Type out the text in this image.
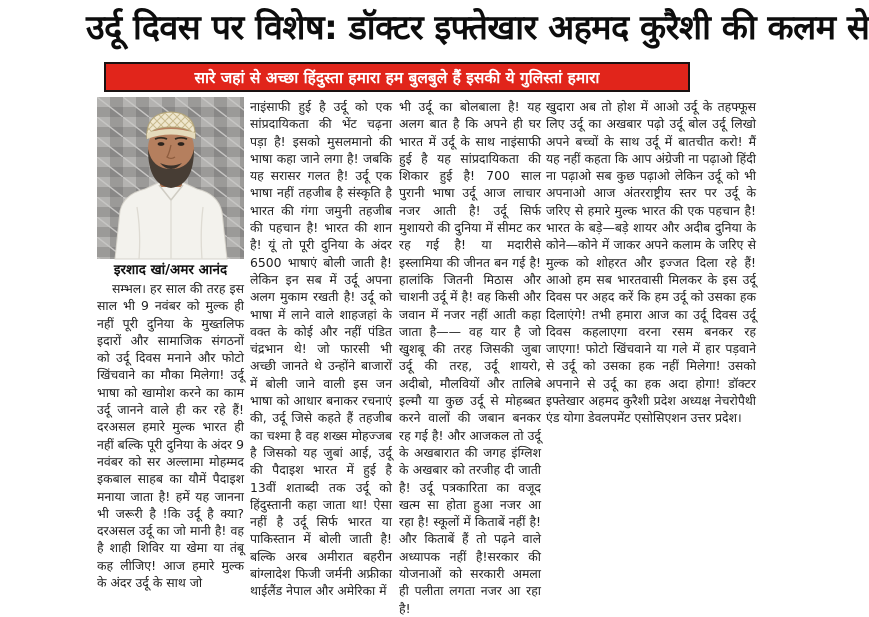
उर्दू दिवस पर विशेष: डॉक्टर इफ्तेखार अहमद कुरैशी की कलम से
सारे जहां से अच्छा हिंदुस्ता हमारा हम बुलबुले हैं इसकी ये गुलिस्तां हमारा
इरशाद खां/अमर आनंद

सम्भल। हर साल की तरह इस साल भी 9 नवंबर को मुल्क ही नहीं पूरी दुनिया के मुख्तलिफ इदारों और सामाजिक संगठनों को उर्दू दिवस मनाने और फोटो खिंचवाने का मौका मिलेगा! उर्दू भाषा को खामोश करने का काम उर्दू जानने वाले ही कर रहे हैं! दरअसल हमारे मुल्क भारत ही नहीं बल्कि पूरी दुनिया के अंदर 9 नवंबर को सर अल्लामा मोहम्मद इकबाल साहब का यौमें पैदाइश मनाया जाता है! हमें यह जानना भी जरूरी है !कि उर्दू है क्या? दरअसल उर्दू का जो मानी है! वह है शाही शिविर या खेमा या तंबू कह लीजिए! आज हमारे मुल्क के अंदर उर्दू के साथ जो

नाइंसाफी हुई है उर्दू को एक सांप्रदायिकता की भेंट चढ़ना पड़ा है! इसको मुसलमानो की भाषा कहा जाने लगा है! जबकि यह सरासर गलत है! उर्दू एक भाषा नहीं तहजीब है संस्कृति है भारत की गंगा जमुनी तहजीब की पहचान है! भारत की शान है! यूं तो पूरी दुनिया के अंदर 6500 भाषाएं बोली जाती है! लेकिन इन सब में उर्दू अपना अलग मुकाम रखती है! उर्दू को भाषा में लाने वाले शाहजहां के वक्त के कोई और नहीं पंडित चंद्रभान थे! जो फारसी भी अच्छी जानते थे उन्होंने बाजारों में बोली जाने वाली इस जन भाषा को आधार बनाकर रचनाएं की, उर्दू जिसे कहते हैं तहजीब का चश्मा है वह शख्स मोहज्जब है जिसको यह जुबां आई, उर्दू की पैदाइश भारत में हुई है 13वीं शताब्दी तक उर्दू को हिंदुस्तानी कहा जाता था! ऐसा नहीं है उर्दू सिर्फ भारत या पाकिस्तान में बोली जाती है! बल्कि अरब अमीरात बहरीन बांग्लादेश फिजी जर्मनी अफ्रीका थाईलैंड नेपाल और अमेरिका में

भी उर्दू का बोलबाला है! यह अलग बात है कि अपने ही घर भारत में उर्दू के साथ नाइंसाफी हुई है यह सांप्रदायिकता की शिकार हुई है! 700 साल पुरानी भाषा उर्दू आज लाचार नजर आती है! उर्दू सिर्फ मुशायरो की दुनिया में सीमट कर रह गई है! या मदारीसे इस्लामिया की जीनत बन गई है! हालांकि जितनी मिठास और चाशनी उर्दू में है! वह किसी और जवान में नजर नहीं आती कहा जाता है—— वह यार है जो खुशबू की तरह जिसकी जुबा उर्दू की तरह, उर्दू शायरो, अदीबो, मौलवियों और तालिबे इल्मौ या कुछ उर्दू से मोहब्बत करने वालों की जबान बनकर रह गई है! और आजकल तो उर्दू के अखबारात की जगह इंग्लिश के अखबार को तरजीह दी जाती है! उर्दू पत्रकारिता का वजूद खत्म सा होता हुआ नजर आ रहा है! स्कूलों में किताबें नहीं है! और किताबें हैं तो पढ़ने वाले अध्यापक नहीं है!सरकार की योजनाओं को सरकारी अमला ही पलीता लगता नजर आ रहा है!

खुदारा अब तो होश में आओ उर्दू के तहफ्फूस लिए उर्दू का अखबार पढ़ो उर्दू बोल उर्दू लिखो अपने बच्चों के साथ उर्दू में बातचीत करो! मैं यह नहीं कहता कि आप अंग्रेजी ना पढ़ाओ हिंदी ना पढ़ाओ सब कुछ पढ़ाओ लेकिन उर्दू को भी अपनाओ आज अंतरराष्ट्रीय स्तर पर उर्दू के जरिए से हमारे मुल्क भारत की एक पहचान है! भारत के बड़े—बड़े शायर और अदीब दुनिया के कोने—कोने में जाकर अपने कलाम के जरिए से मुल्क को शोहरत और इज्जत दिला रहे हैं! आओ हम सब भारतवासी मिलकर के इस उर्दू दिवस पर अहद करें कि हम उर्दू को उसका हक दिलाएंगे! तभी हमारा आज का उर्दू दिवस उर्दू दिवस कहलाएगा वरना रसम बनकर रह जाएगा! फोटो खिंचवाने या गले में हार पड़वाने से उर्दू को उसका हक नहीं मिलेगा! उसको अपनाने से उर्दू का हक अदा होगा! डॉक्टर इफ्तेखार अहमद कुरैशी प्रदेश अध्यक्ष नेचरोपैथी एंड योगा डेवलपमेंट एसोसिएशन उत्तर प्रदेश।
